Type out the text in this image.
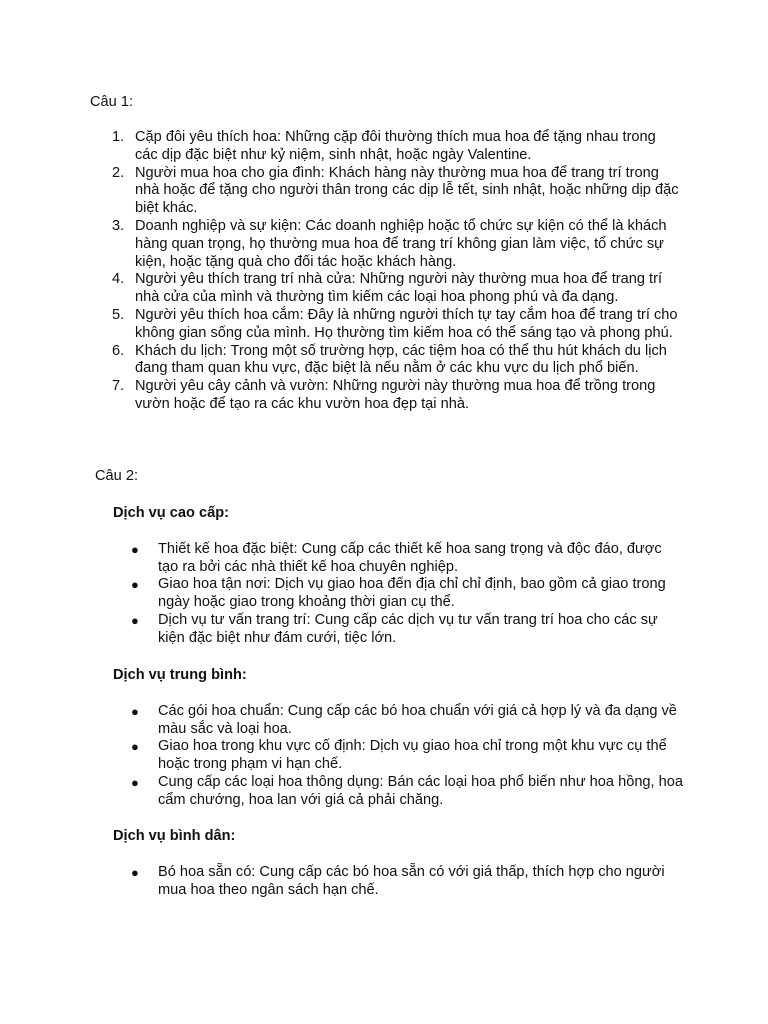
Câu 1:
1. Cặp đôi yêu thích hoa: Những cặp đôi thường thích mua hoa để tặng nhau trong các dịp đặc biệt như kỷ niệm, sinh nhật, hoặc ngày Valentine.
2. Người mua hoa cho gia đình: Khách hàng này thường mua hoa để trang trí trong nhà hoặc để tặng cho người thân trong các dịp lễ tết, sinh nhật, hoặc những dịp đặc biệt khác.
3. Doanh nghiệp và sự kiện: Các doanh nghiệp hoặc tổ chức sự kiện có thể là khách hàng quan trọng, họ thường mua hoa để trang trí không gian làm việc, tổ chức sự kiện, hoặc tặng quà cho đối tác hoặc khách hàng.
4. Người yêu thích trang trí nhà cửa: Những người này thường mua hoa để trang trí nhà cửa của mình và thường tìm kiếm các loại hoa phong phú và đa dạng.
5. Người yêu thích hoa cắm: Đây là những người thích tự tay cắm hoa để trang trí cho không gian sống của mình. Họ thường tìm kiếm hoa có thể sáng tạo và phong phú.
6. Khách du lịch: Trong một số trường hợp, các tiệm hoa có thể thu hút khách du lịch đang tham quan khu vực, đặc biệt là nếu nằm ở các khu vực du lịch phổ biến.
7. Người yêu cây cảnh và vườn: Những người này thường mua hoa để trồng trong vườn hoặc để tạo ra các khu vườn hoa đẹp tại nhà.
Câu 2:
Dịch vụ cao cấp:
● Thiết kế hoa đặc biệt: Cung cấp các thiết kế hoa sang trọng và độc đáo, được tạo ra bởi các nhà thiết kế hoa chuyên nghiệp.
● Giao hoa tận nơi: Dịch vụ giao hoa đến địa chỉ chỉ định, bao gồm cả giao trong ngày hoặc giao trong khoảng thời gian cụ thể.
● Dịch vụ tư vấn trang trí: Cung cấp các dịch vụ tư vấn trang trí hoa cho các sự kiện đặc biệt như đám cưới, tiệc lớn.
Dịch vụ trung bình:
● Các gói hoa chuẩn: Cung cấp các bó hoa chuẩn với giá cả hợp lý và đa dạng về màu sắc và loại hoa.
● Giao hoa trong khu vực cố định: Dịch vụ giao hoa chỉ trong một khu vực cụ thể hoặc trong phạm vi hạn chế.
● Cung cấp các loại hoa thông dụng: Bán các loại hoa phổ biến như hoa hồng, hoa cẩm chướng, hoa lan với giá cả phải chăng.
Dịch vụ bình dân:
● Bó hoa sẵn có: Cung cấp các bó hoa sẵn có với giá thấp, thích hợp cho người mua hoa theo ngân sách hạn chế.
